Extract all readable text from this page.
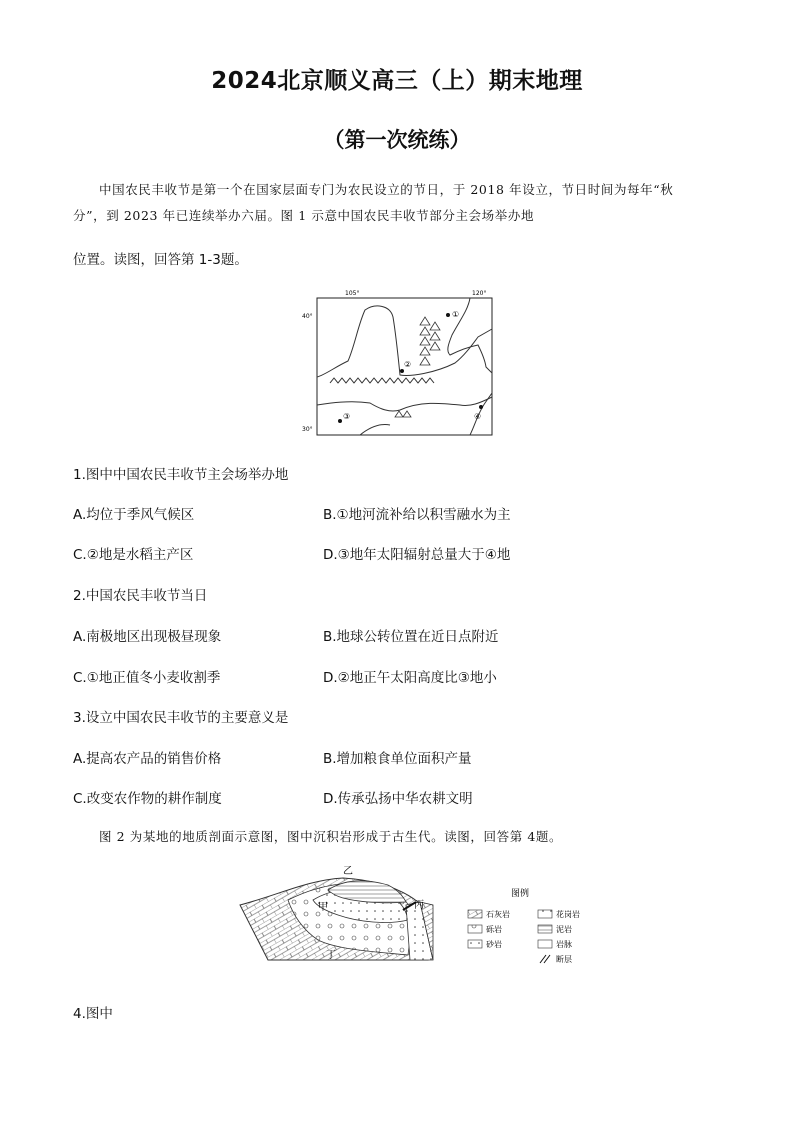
2024北京顺义高三（上）期末地理
（第一次统练）
中国农民丰收节是第一个在国家层面专门为农民设立的节日，于 2018 年设立，节日时间为每年“秋
分”，到 2023 年已连续举办六届。图 1 示意中国农民丰收节部分主会场举办地
位置。读图，回答第 1-3题。
105°	120°
40°
30°
①
②
③	④
1.图中中国农民丰收节主会场举办地
A.均位于季风气候区	B.①地河流补给以积雪融水为主
C.②地是水稻主产区	D.③地年太阳辐射总量大于④地
2.中国农民丰收节当日
A.南极地区出现极昼现象	B.地球公转位置在近日点附近
C.①地正值冬小麦收割季	D.②地正午太阳高度比③地小
3.设立中国农民丰收节的主要意义是
A.提高农产品的销售价格	B.增加粮食单位面积产量
C.改变农作物的耕作制度	D.传承弘扬中华农耕文明
图 2 为某地的地质剖面示意图，图中沉积岩形成于古生代。读图，回答第 4题。
乙
甲	丙
丁
图例
石灰岩	花岗岩
砾岩	泥岩
砂岩	岩脉
断层
4.图中
